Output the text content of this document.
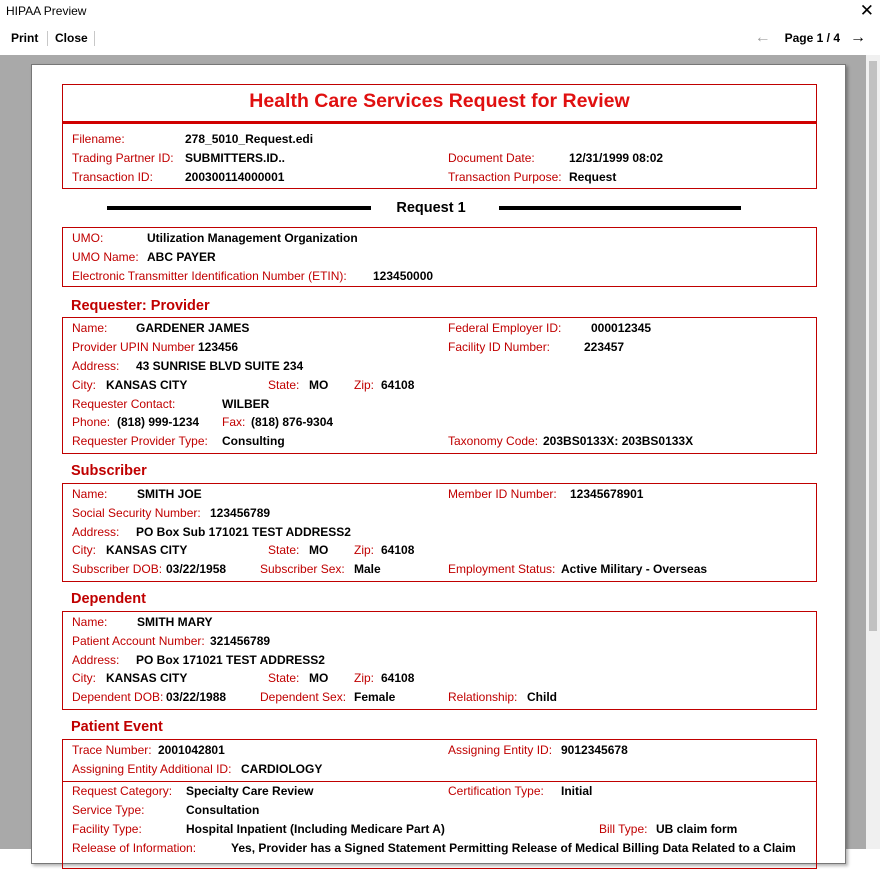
HIPAA Preview	✕
Print Close	← Page 1 / 4 →
Health Care Services Request for Review
Filename:	278_5010_Request.edi
Trading Partner ID: SUBMITTERS.ID..	Document Date:	12/31/1999 08:02
Transaction ID:	200300114000001	Transaction Purpose: Request
Request 1
UMO:	Utilization Management Organization
UMO Name: ABC PAYER
Electronic Transmitter Identification Number (ETIN): 123450000
Requester: Provider
Name: GARDENER JAMES	Federal Employer ID: 000012345
Provider UPIN Number 123456	Facility ID Number:	223457
Address: 43 SUNRISE BLVD SUITE 234
City: KANSAS CITY	State: MO Zip: 64108
Requester Contact:	WILBER
Phone: (818) 999-1234 Fax: (818) 876-9304
Requester Provider Type: Consulting	Taxonomy Code: 203BS0133X: 203BS0133X
Subscriber
Name: SMITH JOE	Member ID Number: 12345678901
Social Security Number: 123456789
Address: PO Box Sub 171021 TEST ADDRESS2
City: KANSAS CITY	State: MO Zip: 64108
Subscriber DOB: 03/22/1958	Subscriber Sex: Male	Employment Status: Active Military - Overseas
Dependent
Name: SMITH MARY
Patient Account Number: 321456789
Address: PO Box 171021 TEST ADDRESS2
City: KANSAS CITY	State: MO Zip: 64108
Dependent DOB: 03/22/1988	Dependent Sex: Female	Relationship: Child
Patient Event
Trace Number: 2001042801	Assigning Entity ID: 9012345678
Assigning Entity Additional ID: CARDIOLOGY
Request Category: Specialty Care Review	Certification Type: Initial
Service Type:	Consultation
Facility Type:	Hospital Inpatient (Including Medicare Part A)	Bill Type: UB claim form
Release of Information:	Yes, Provider has a Signed Statement Permitting Release of Medical Billing Data Related to a Claim
